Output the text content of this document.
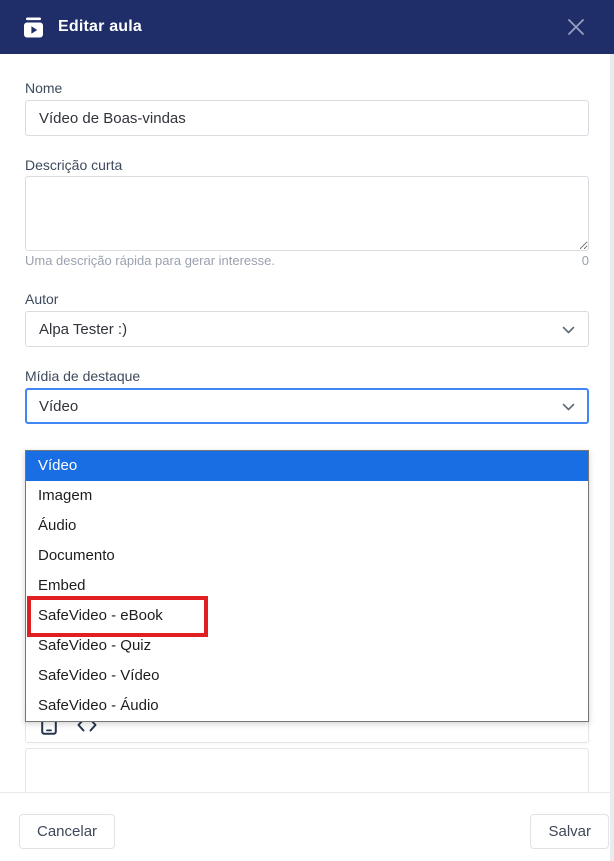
Editar aula
Nome
Vídeo de Boas-vindas
Descrição curta
Uma descrição rápida para gerar interesse.	0
Autor
Alpa Tester :)
Mídia de destaque
Vídeo
Vídeo
Imagem
Áudio
Documento
Embed
SafeVideo - eBook
SafeVideo - Quiz
SafeVideo - Vídeo
SafeVideo - Áudio
Cancelar	Salvar
